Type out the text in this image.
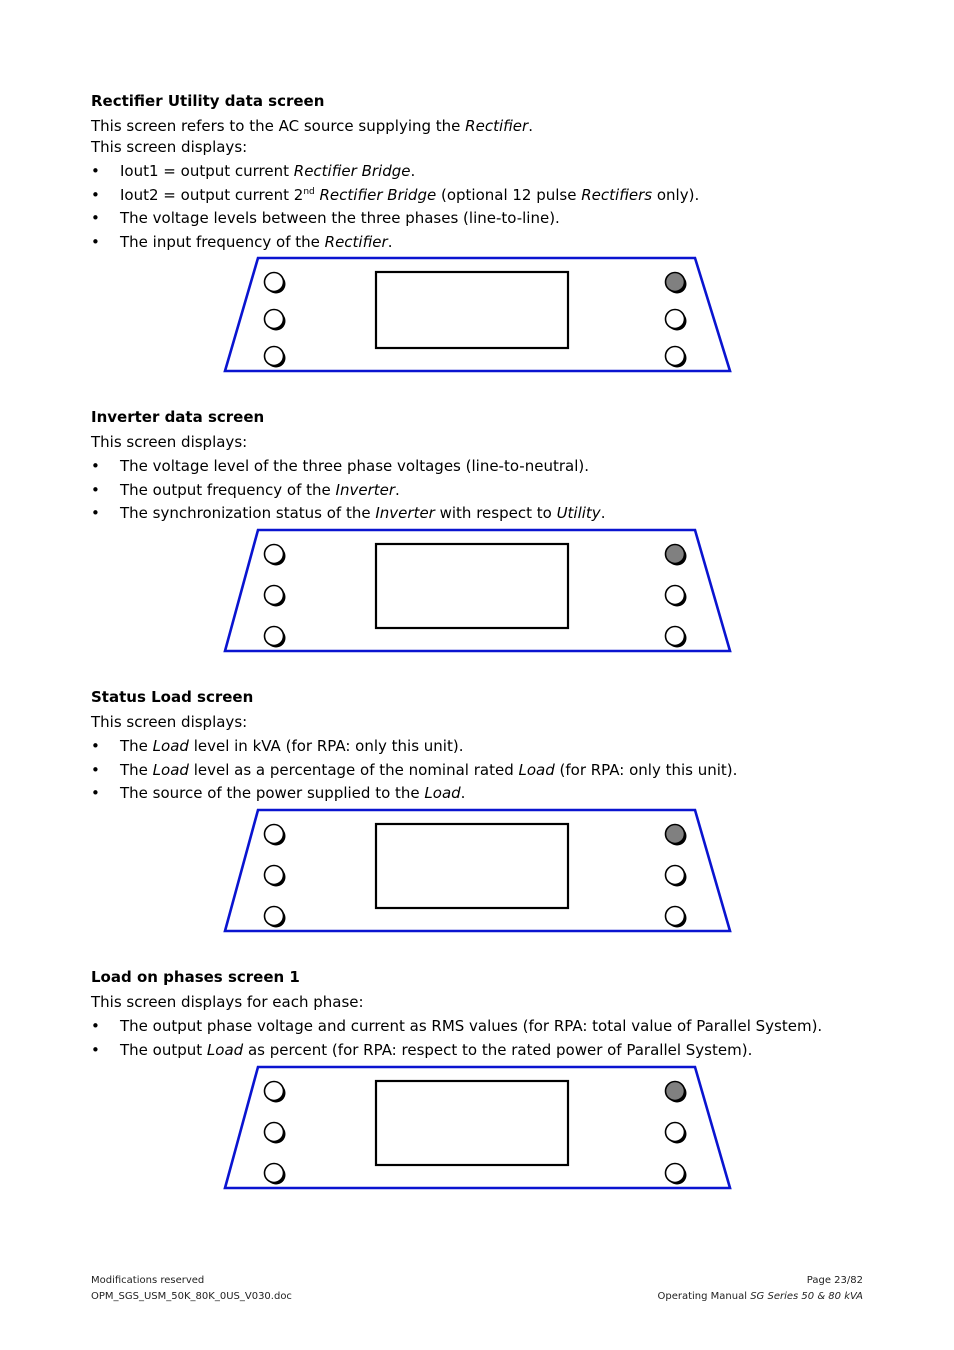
Rectifier Utility data screen

This screen refers to the AC source supplying the Rectifier.

This screen displays:

• Iout1 = output current Rectifier Bridge.
• Iout2 = output current 2nd Rectifier Bridge (optional 12 pulse Rectifiers only).
• The voltage levels between the three phases (line-to-line).
• The input frequency of the Rectifier.

Inverter data screen

This screen displays:

• The voltage level of the three phase voltages (line-to-neutral).
• The output frequency of the Inverter.
• The synchronization status of the Inverter with respect to Utility.

Status Load screen

This screen displays:

• The Load level in kVA (for RPA: only this unit).
• The Load level as a percentage of the nominal rated Load (for RPA: only this unit).
• The source of the power supplied to the Load.

Load on phases screen 1

This screen displays for each phase:

• The output phase voltage and current as RMS values (for RPA: total value of Parallel System).
• The output Load as percent (for RPA: respect to the rated power of Parallel System).
Modifications reserved
OPM_SGS_USM_50K_80K_0US_V030.doc
Page 23/82
Operating Manual SG Series 50 & 80 kVA
